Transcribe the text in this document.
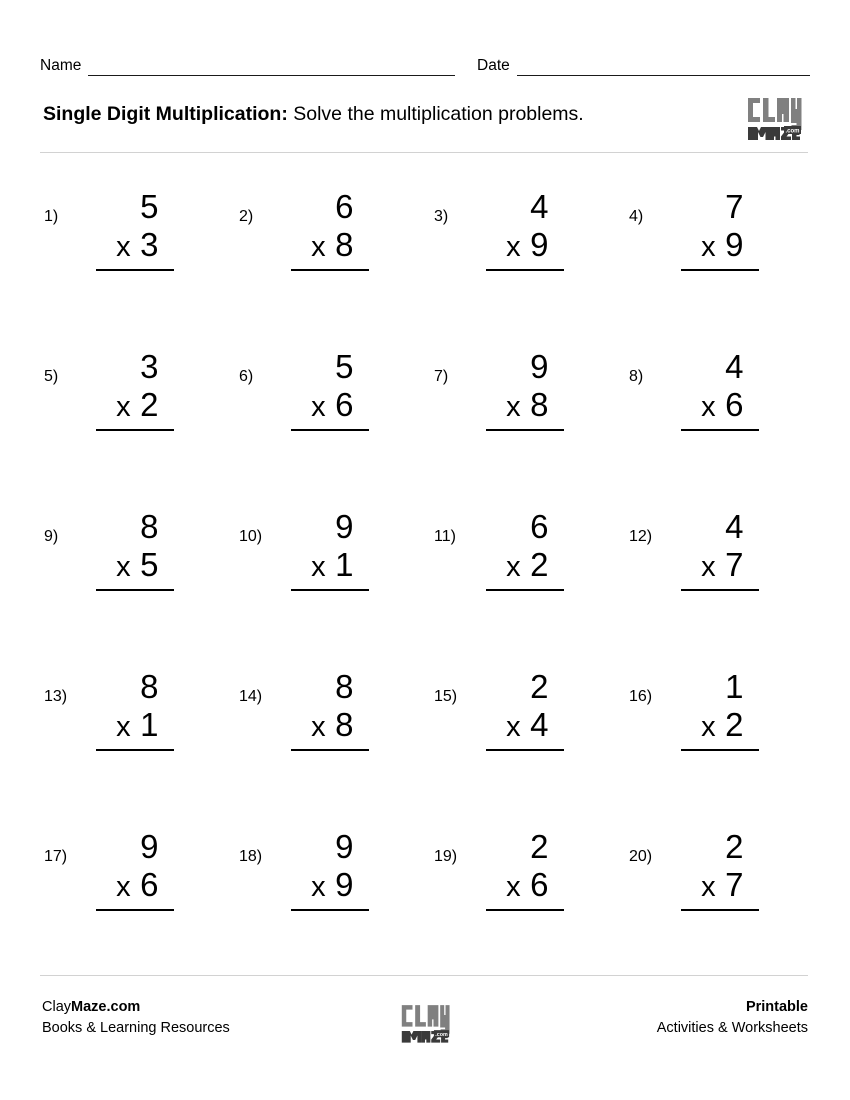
Name	Date
Single Digit Multiplication: Solve the multiplication problems.
.com
1)	5
x 3
2)	6
x 8
3)	4
x 9
4)	7
x 9
5)	3
x 2
6)	5
x 6
7)	9
x 8
8)	4
x 6
9)	8
x 5
10)	9
x 1
11)	6
x 2
12)	4
x 7
13)	8
x 1
14)	8
x 8
15)	2
x 4
16)	1
x 2
17)	9
x 6
18)	9
x 9
19)	2
x 6
20)	2
x 7
ClayMaze.com
Books & Learning Resources	.com
Printable
Activities & Worksheets
